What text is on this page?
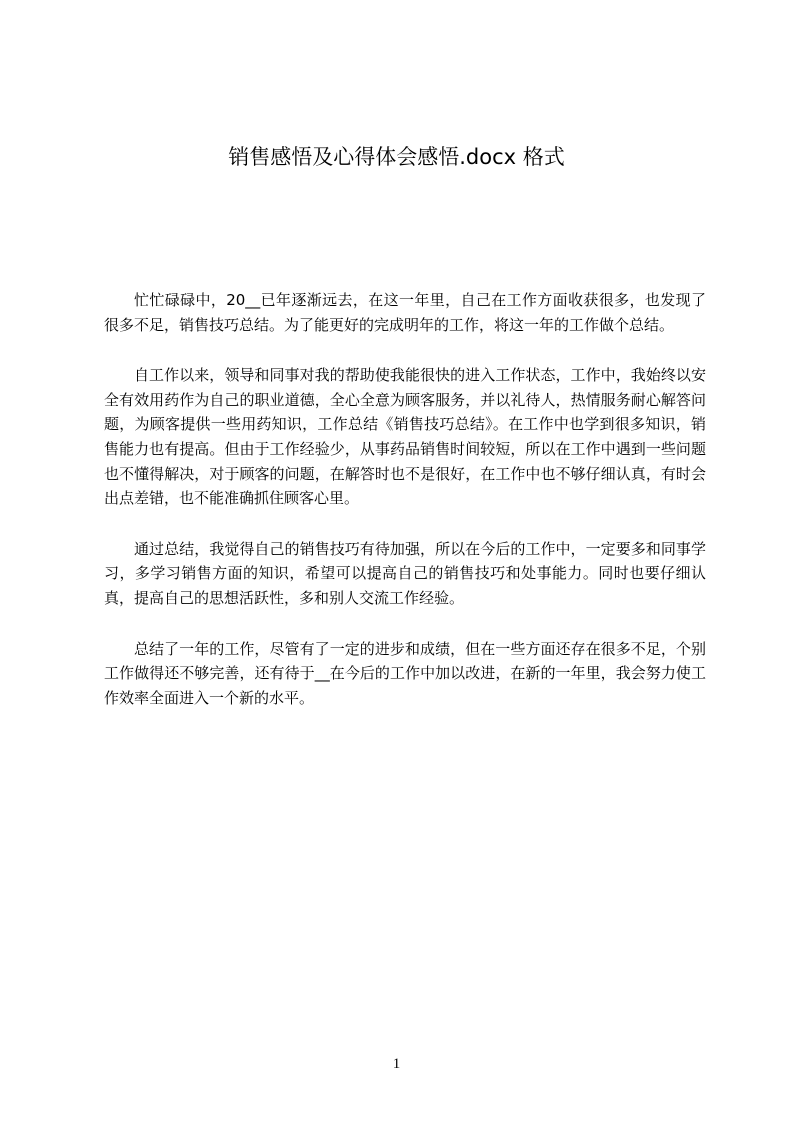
销售感悟及心得体会感悟.docx 格式

忙忙碌碌中，20__已年逐渐远去，在这一年里，自己在工作方面收获很多，也发现了很多不足，销售技巧总结。为了能更好的完成明年的工作，将这一年的工作做个总结。

自工作以来，领导和同事对我的帮助使我能很快的进入工作状态，工作中，我始终以安全有效用药作为自己的职业道德，全心全意为顾客服务，并以礼待人，热情服务耐心解答问题，为顾客提供一些用药知识，工作总结《销售技巧总结》。在工作中也学到很多知识，销售能力也有提高。但由于工作经验少，从事药品销售时间较短，所以在工作中遇到一些问题也不懂得解决，对于顾客的问题，在解答时也不是很好，在工作中也不够仔细认真，有时会出点差错，也不能准确抓住顾客心里。

通过总结，我觉得自己的销售技巧有待加强，所以在今后的工作中，一定要多和同事学习，多学习销售方面的知识，希望可以提高自己的销售技巧和处事能力。同时也要仔细认真，提高自己的思想活跃性，多和别人交流工作经验。

总结了一年的工作，尽管有了一定的进步和成绩，但在一些方面还存在很多不足，个别工作做得还不够完善，还有待于__在今后的工作中加以改进，在新的一年里，我会努力使工作效率全面进入一个新的水平。

1
